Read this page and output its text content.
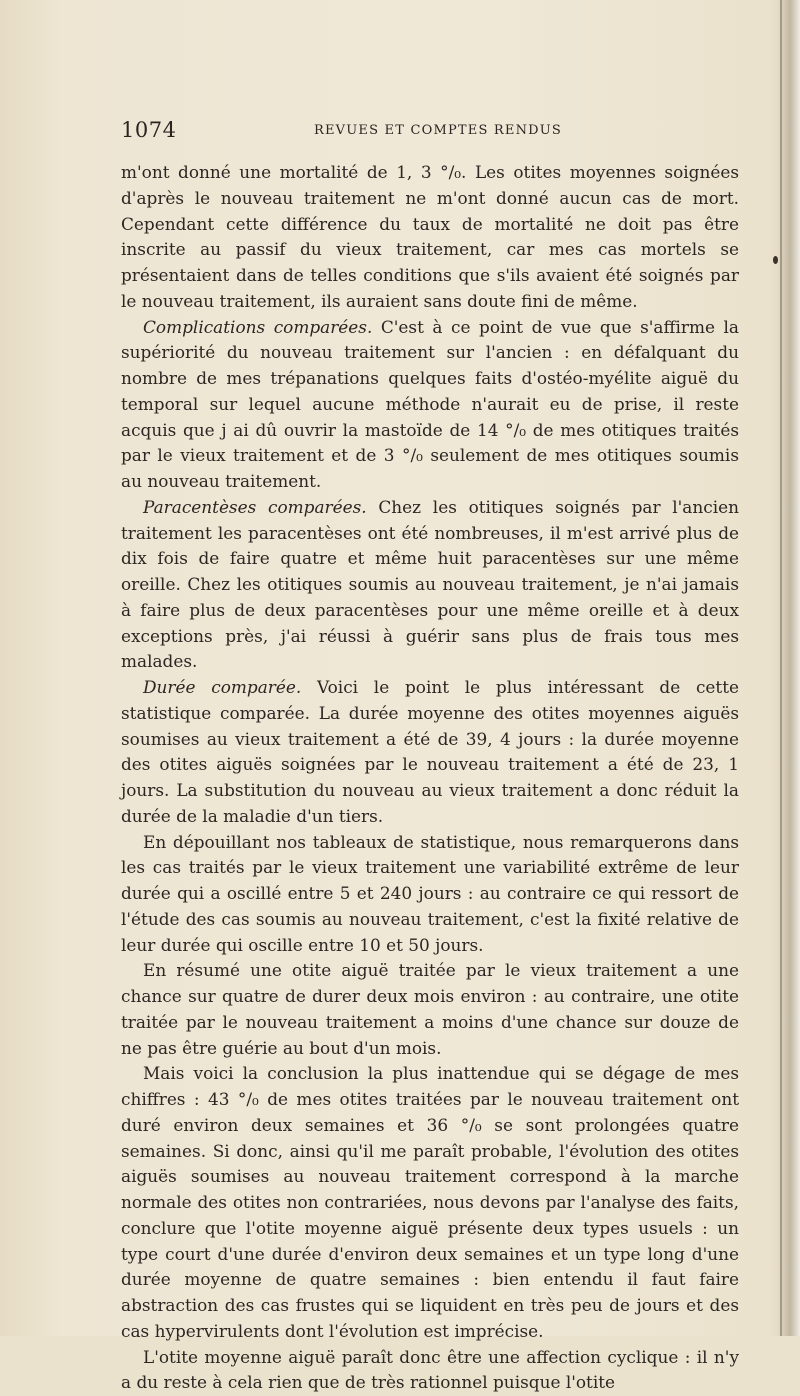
1074	REVUES ET COMPTES RENDUS

m'ont donné une mortalité de 1, 3 °/₀. Les otites moyennes soignées d'après le nouveau traitement ne m'ont donné aucun cas de mort. Cependant cette différence du taux de mortalité ne doit pas être inscrite au passif du vieux traitement, car mes cas mortels se présentaient dans de telles conditions que s'ils avaient été soignés par le nouveau traitement, ils auraient sans doute fini de même.

Complications comparées. C'est à ce point de vue que s'affirme la supériorité du nouveau traitement sur l'ancien : en défalquant du nombre de mes trépanations quelques faits d'ostéo-myélite aiguë du temporal sur lequel aucune méthode n'aurait eu de prise, il reste acquis que j ai dû ouvrir la mastoïde de 14 °/₀ de mes otitiques traités par le vieux traitement et de 3 °/₀ seulement de mes otitiques soumis au nouveau traitement.

Paracentèses comparées. Chez les otitiques soignés par l'ancien traitement les paracentèses ont été nombreuses, il m'est arrivé plus de dix fois de faire quatre et même huit paracentèses sur une même oreille. Chez les otitiques soumis au nouveau traitement, je n'ai jamais à faire plus de deux paracentèses pour une même oreille et à deux exceptions près, j'ai réussi à guérir sans plus de frais tous mes malades.

Durée comparée. Voici le point le plus intéressant de cette statistique comparée. La durée moyenne des otites moyennes aiguës soumises au vieux traitement a été de 39, 4 jours : la durée moyenne des otites aiguës soignées par le nouveau traitement a été de 23, 1 jours. La substitution du nouveau au vieux traitement a donc réduit la durée de la maladie d'un tiers.

En dépouillant nos tableaux de statistique, nous remarquerons dans les cas traités par le vieux traitement une variabilité extrême de leur durée qui a oscillé entre 5 et 240 jours : au contraire ce qui ressort de l'étude des cas soumis au nouveau traitement, c'est la fixité relative de leur durée qui oscille entre 10 et 50 jours.

En résumé une otite aiguë traitée par le vieux traitement a une chance sur quatre de durer deux mois environ : au contraire, une otite traitée par le nouveau traitement a moins d'une chance sur douze de ne pas être guérie au bout d'un mois.

Mais voici la conclusion la plus inattendue qui se dégage de mes chiffres : 43 °/₀ de mes otites traitées par le nouveau traitement ont duré environ deux semaines et 36 °/₀ se sont prolongées quatre semaines. Si donc, ainsi qu'il me paraît probable, l'évolution des otites aiguës soumises au nouveau traitement correspond à la marche normale des otites non contrariées, nous devons par l'analyse des faits, conclure que l'otite moyenne aiguë présente deux types usuels : un type court d'une durée d'environ deux semaines et un type long d'une durée moyenne de quatre semaines : bien entendu il faut faire abstraction des cas frustes qui se liquident en très peu de jours et des cas hypervirulents dont l'évolution est imprécise.

L'otite moyenne aiguë paraît donc être une affection cyclique : il n'y a du reste à cela rien que de très rationnel puisque l'otite
